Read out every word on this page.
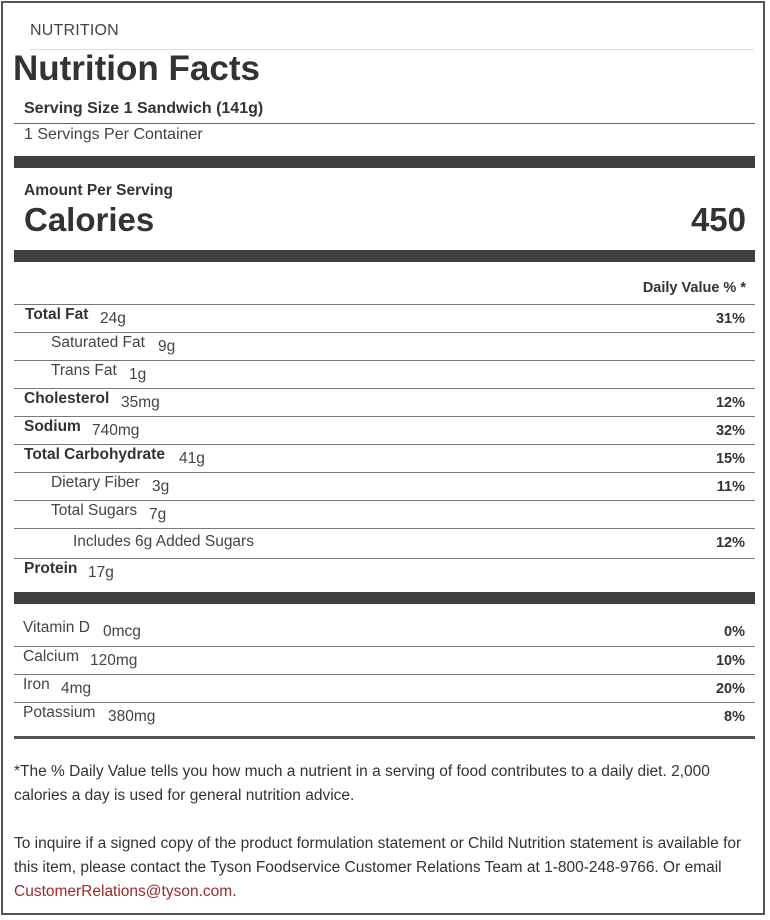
NUTRITION
Nutrition Facts
Serving Size 1 Sandwich (141g)
1 Servings Per Container
Amount Per Serving
Calories	450
Daily Value % *
Total Fat 24g	31%
Saturated Fat 9g
Trans Fat 1g
Cholesterol 35mg	12%
Sodium 740mg	32%
Total Carbohydrate 41g	15%
Dietary Fiber 3g	11%
Total Sugars 7g
Includes 6g Added Sugars	12%
Protein 17g
Vitamin D 0mcg	0%
Calcium 120mg	10%
Iron 4mg	20%
Potassium 380mg	8%
*The % Daily Value tells you how much a nutrient in a serving of food contributes to a daily diet. 2,000 calories a day is used for general nutrition advice.
To inquire if a signed copy of the product formulation statement or Child Nutrition statement is available for this item, please contact the Tyson Foodservice Customer Relations Team at 1-800-248-9766. Or email CustomerRelations@tyson.com.
